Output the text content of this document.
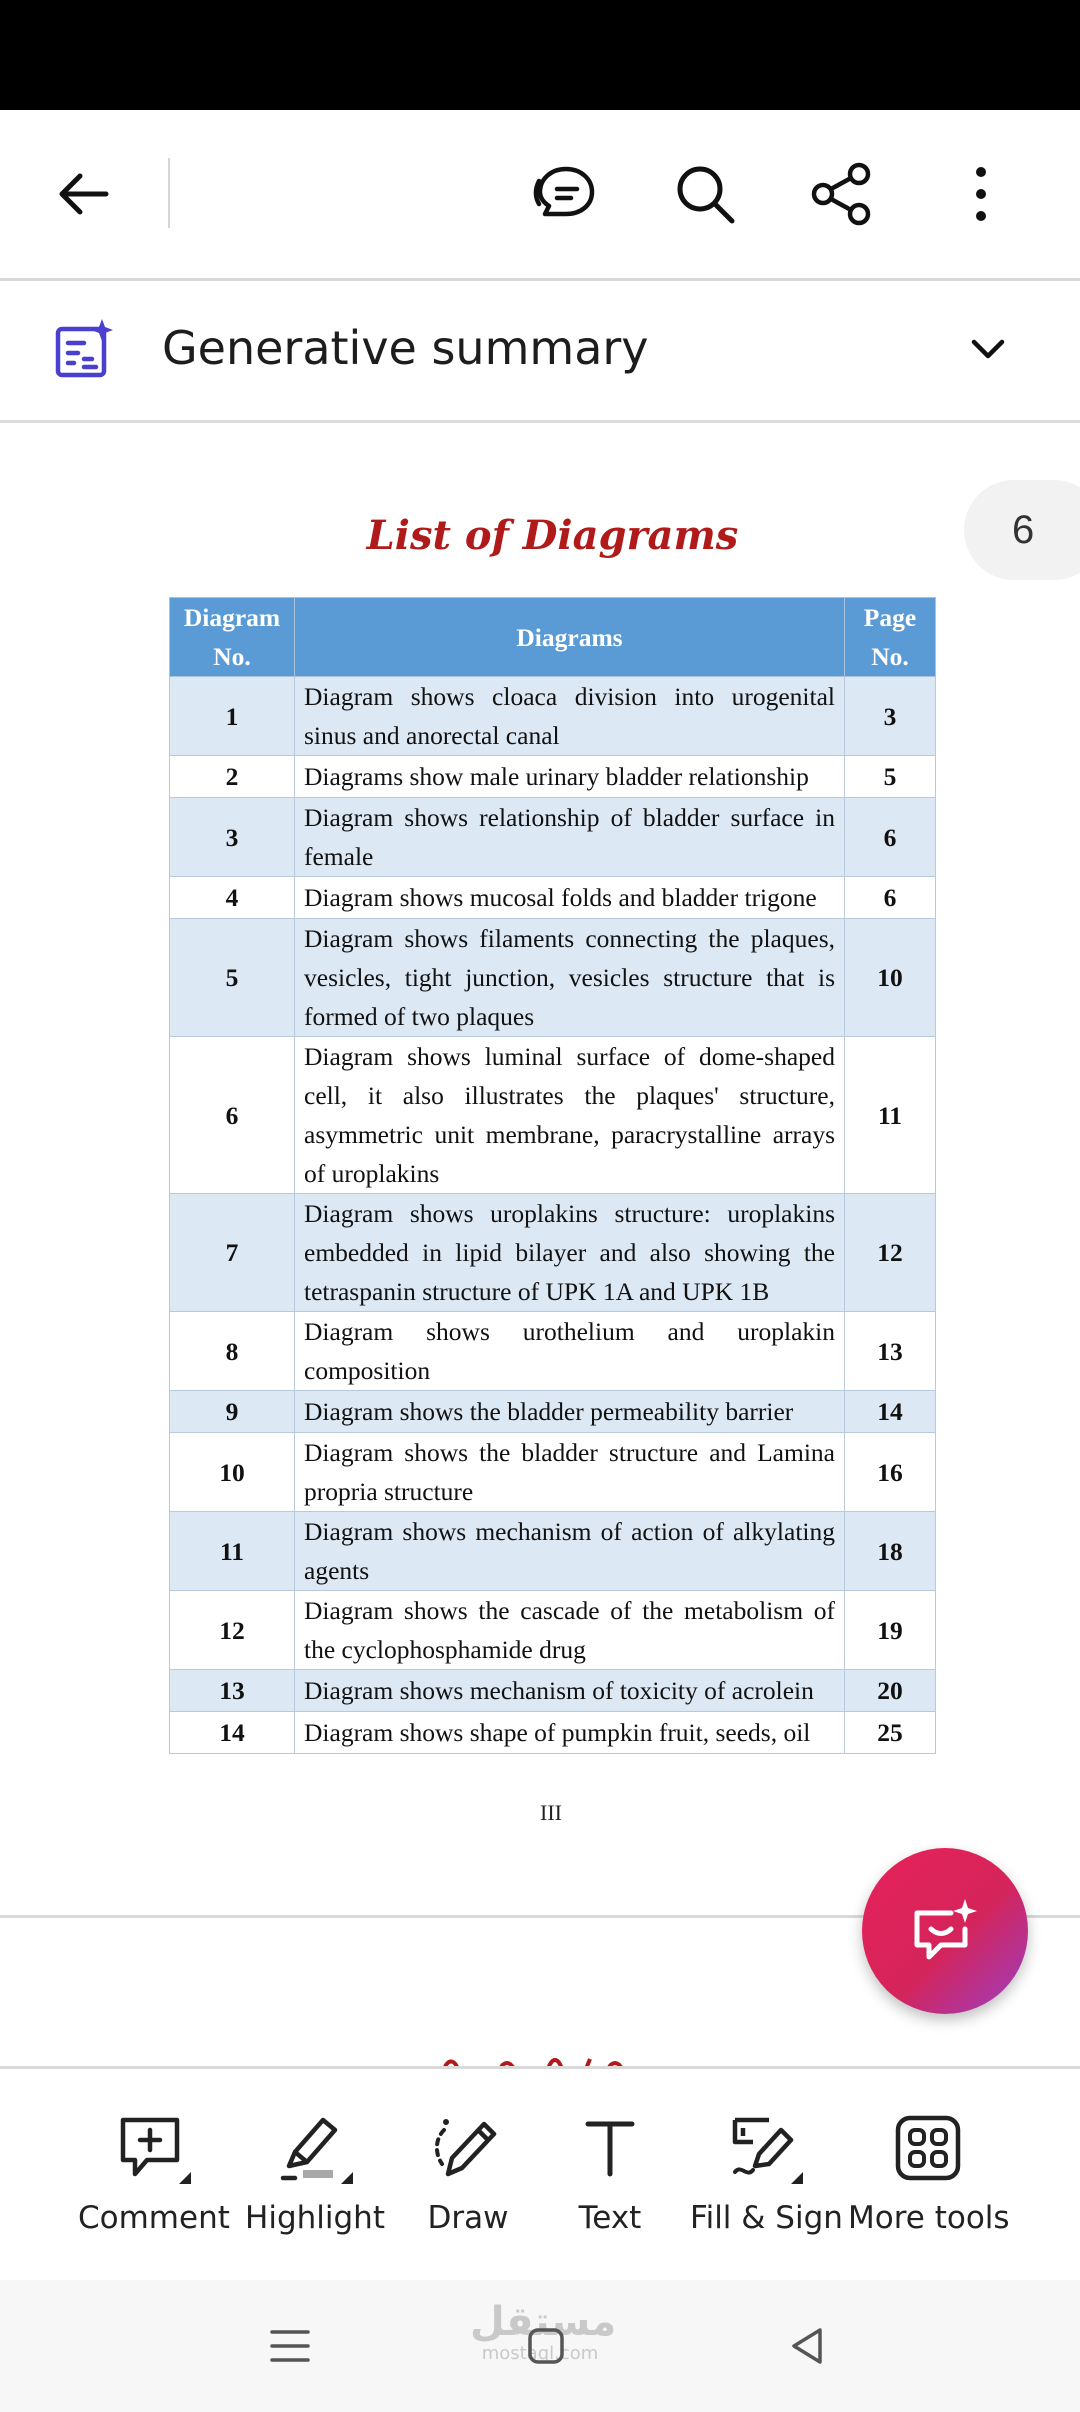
Generative summary
6
List of Diagrams
Diagram No.	Diagrams	Page No.
1	Diagram shows cloaca division into urogenital sinus and anorectal canal	3
2	Diagrams show male urinary bladder relationship	5
3	Diagram shows relationship of bladder surface in female	6
4	Diagram shows mucosal folds and bladder trigone	6
5	Diagram shows filaments connecting the plaques, vesicles, tight junction, vesicles structure that is formed of two plaques	10
6	Diagram shows luminal surface of dome-shaped cell, it also illustrates the plaques' structure, asymmetric unit membrane, paracrystalline arrays of uroplakins	11
7	Diagram shows uroplakins structure: uroplakins embedded in lipid bilayer and also showing the tetraspanin structure of UPK 1A and UPK 1B	12
8	Diagram shows urothelium and uroplakin composition	13
9	Diagram shows the bladder permeability barrier	14
10	Diagram shows the bladder structure and Lamina propria structure	16
11	Diagram shows mechanism of action of alkylating agents	18
12	Diagram shows the cascade of the metabolism of the cyclophosphamide drug	19
13	Diagram shows mechanism of toxicity of acrolein	20
14	Diagram shows shape of pumpkin fruit, seeds, oil	25
III
Comment Highlight	Draw	Text	Fill & Sign More tools
مستقل
mostaql.com
